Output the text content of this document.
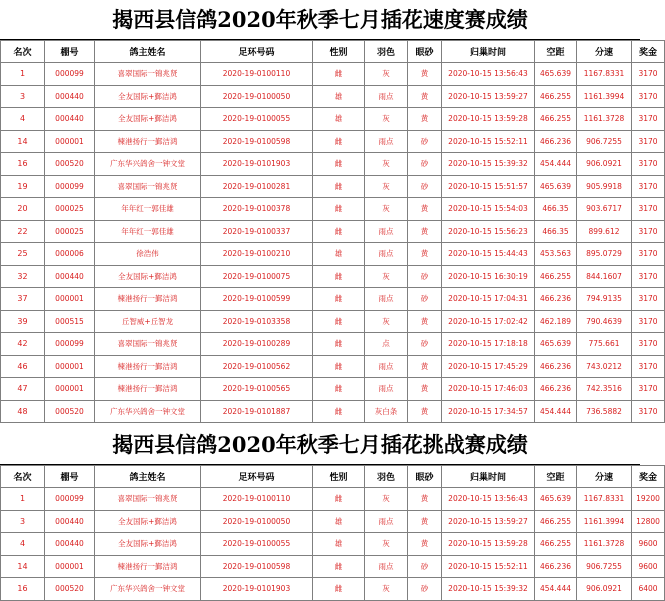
揭西县信鸽2020年秋季七月插花速度赛成绩
名次	棚号	鸽主姓名	足环号码	性别	羽色	眼砂	归巢时间	空距	分速	奖金
1	000099	喜翠国际一锦兆贤	2020-19-0100110	雌	灰	黄	2020-10-15 13:56:43	465.639	1167.8331	3170
3	000440	全友国际+鄞洁鸿	2020-19-0100050	雄	雨点	黄	2020-10-15 13:59:27	466.255	1161.3994	3170
4	000440	全友国际+鄞洁鸿	2020-19-0100055	雄	灰	黄	2020-10-15 13:59:28	466.255	1161.3728	3170
14	000001	楝港扬行一鄞洁鸿	2020-19-0100598	雌	雨点	砂	2020-10-15 15:52:11	466.236	906.7255	3170
16	000520	广东华兴鸽舍一钟文堂	2020-19-0101903	雌	灰	砂	2020-10-15 15:39:32	454.444	906.0921	3170
19	000099	喜翠国际一锦兆贤	2020-19-0100281	雌	灰	砂	2020-10-15 15:51:57	465.639	905.9918	3170
20	000025	年年红一郭佳雄	2020-19-0100378	雌	灰	黄	2020-10-15 15:54:03	466.35	903.6717	3170
22	000025	年年红一郭佳雄	2020-19-0100337	雌	雨点	黄	2020-10-15 15:56:23	466.35	899.612	3170
25	000006	徐浩伟	2020-19-0100210	雄	雨点	黄	2020-10-15 15:44:43	453.563	895.0729	3170
32	000440	全友国际+鄞洁鸿	2020-19-0100075	雌	灰	砂	2020-10-15 16:30:19	466.255	844.1607	3170
37	000001	楝港扬行一鄞洁鸿	2020-19-0100599	雌	雨点	砂	2020-10-15 17:04:31	466.236	794.9135	3170
39	000515	丘智威+丘智龙	2020-19-0103358	雌	灰	黄	2020-10-15 17:02:42	462.189	790.4639	3170
42	000099	喜翠国际一锦兆贤	2020-19-0100289	雌	点	砂	2020-10-15 17:18:18	465.639	775.661	3170
46	000001	楝港扬行一鄞洁鸿	2020-19-0100562	雌	雨点	黄	2020-10-15 17:45:29	466.236	743.0212	3170
47	000001	楝港扬行一鄞洁鸿	2020-19-0100565	雌	雨点	黄	2020-10-15 17:46:03	466.236	742.3516	3170
48	000520	广东华兴鸽舍一钟文堂	2020-19-0101887	雌	灰白条	黄	2020-10-15 17:34:57	454.444	736.5882	3170
揭西县信鸽2020年秋季七月插花挑战赛成绩
名次	棚号	鸽主姓名	足环号码	性别	羽色	眼砂	归巢时间	空距	分速	奖金
1	000099	喜翠国际一锦兆贤	2020-19-0100110	雌	灰	黄	2020-10-15 13:56:43	465.639	1167.8331	19200
3	000440	全友国际+鄞洁鸿	2020-19-0100050	雄	雨点	黄	2020-10-15 13:59:27	466.255	1161.3994	12800
4	000440	全友国际+鄞洁鸿	2020-19-0100055	雄	灰	黄	2020-10-15 13:59:28	466.255	1161.3728	9600
14	000001	楝港扬行一鄞洁鸿	2020-19-0100598	雌	雨点	砂	2020-10-15 15:52:11	466.236	906.7255	9600
16	000520	广东华兴鸽舍一钟文堂	2020-19-0101903	雌	灰	砂	2020-10-15 15:39:32	454.444	906.0921	6400
